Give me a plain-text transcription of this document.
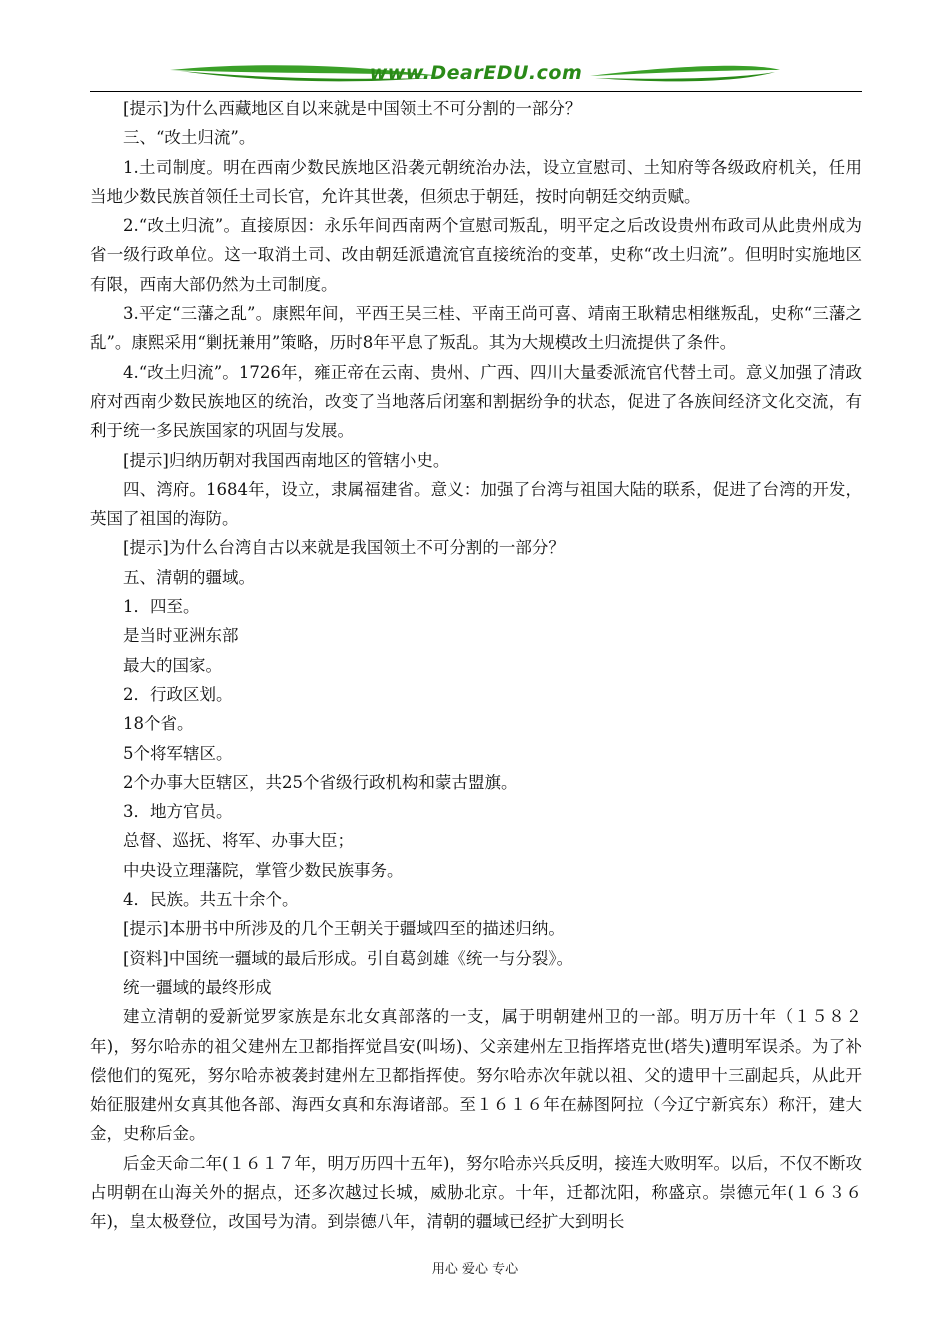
www.DearEDU.com

[提示]为什么西藏地区自以来就是中国领土不可分割的一部分？

三、“改土归流”。

1.土司制度。明在西南少数民族地区沿袭元朝统治办法，设立宣慰司、土知府等各级政府机关，任用当地少数民族首领任土司长官，允许其世袭，但须忠于朝廷，按时向朝廷交纳贡赋。

2.“改土归流”。直接原因：永乐年间西南两个宣慰司叛乱，明平定之后改设贵州布政司从此贵州成为省一级行政单位。这一取消土司、改由朝廷派遣流官直接统治的变革，史称“改土归流”。但明时实施地区有限，西南大部仍然为土司制度。

3.平定“三藩之乱”。康熙年间，平西王吴三桂、平南王尚可喜、靖南王耿精忠相继叛乱，史称“三藩之乱”。康熙采用“剿抚兼用”策略，历时8年平息了叛乱。其为大规模改土归流提供了条件。

4.“改土归流”。1726年，雍正帝在云南、贵州、广西、四川大量委派流官代替土司。意义加强了清政府对西南少数民族地区的统治，改变了当地落后闭塞和割据纷争的状态，促进了各族间经济文化交流，有利于统一多民族国家的巩固与发展。

[提示]归纳历朝对我国西南地区的管辖小史。

四、湾府。1684年，设立，隶属福建省。意义：加强了台湾与祖国大陆的联系，促进了台湾的开发，英国了祖国的海防。

[提示]为什么台湾自古以来就是我国领土不可分割的一部分？

五、清朝的疆域。

1．四至。

是当时亚洲东部

最大的国家。

2．行政区划。

18个省。

5个将军辖区。

2个办事大臣辖区，共25个省级行政机构和蒙古盟旗。

3．地方官员。

总督、巡抚、将军、办事大臣；

中央设立理藩院，掌管少数民族事务。

4．民族。共五十余个。

[提示]本册书中所涉及的几个王朝关于疆域四至的描述归纳。

[资料]中国统一疆域的最后形成。引自葛剑雄《统一与分裂》。

统一疆域的最终形成

建立清朝的爱新觉罗家族是东北女真部落的一支，属于明朝建州卫的一部。明万历十年（１５８２年)，努尔哈赤的祖父建州左卫都指挥觉昌安(叫场)、父亲建州左卫指挥塔克世(塔失)遭明军误杀。为了补偿他们的冤死，努尔哈赤被袭封建州左卫都指挥使。努尔哈赤次年就以祖、父的遗甲十三副起兵，从此开始征服建州女真其他各部、海西女真和东海诸部。至１６１６年在赫图阿拉（今辽宁新宾东）称汗，建大金，史称后金。

后金天命二年(１６１７年，明万历四十五年)，努尔哈赤兴兵反明，接连大败明军。以后，不仅不断攻占明朝在山海关外的据点，还多次越过长城，威胁北京。十年，迁都沈阳，称盛京。崇德元年(１６３６年)，皇太极登位，改国号为清。到崇德八年，清朝的疆域已经扩大到明长

用心 爱心 专心
